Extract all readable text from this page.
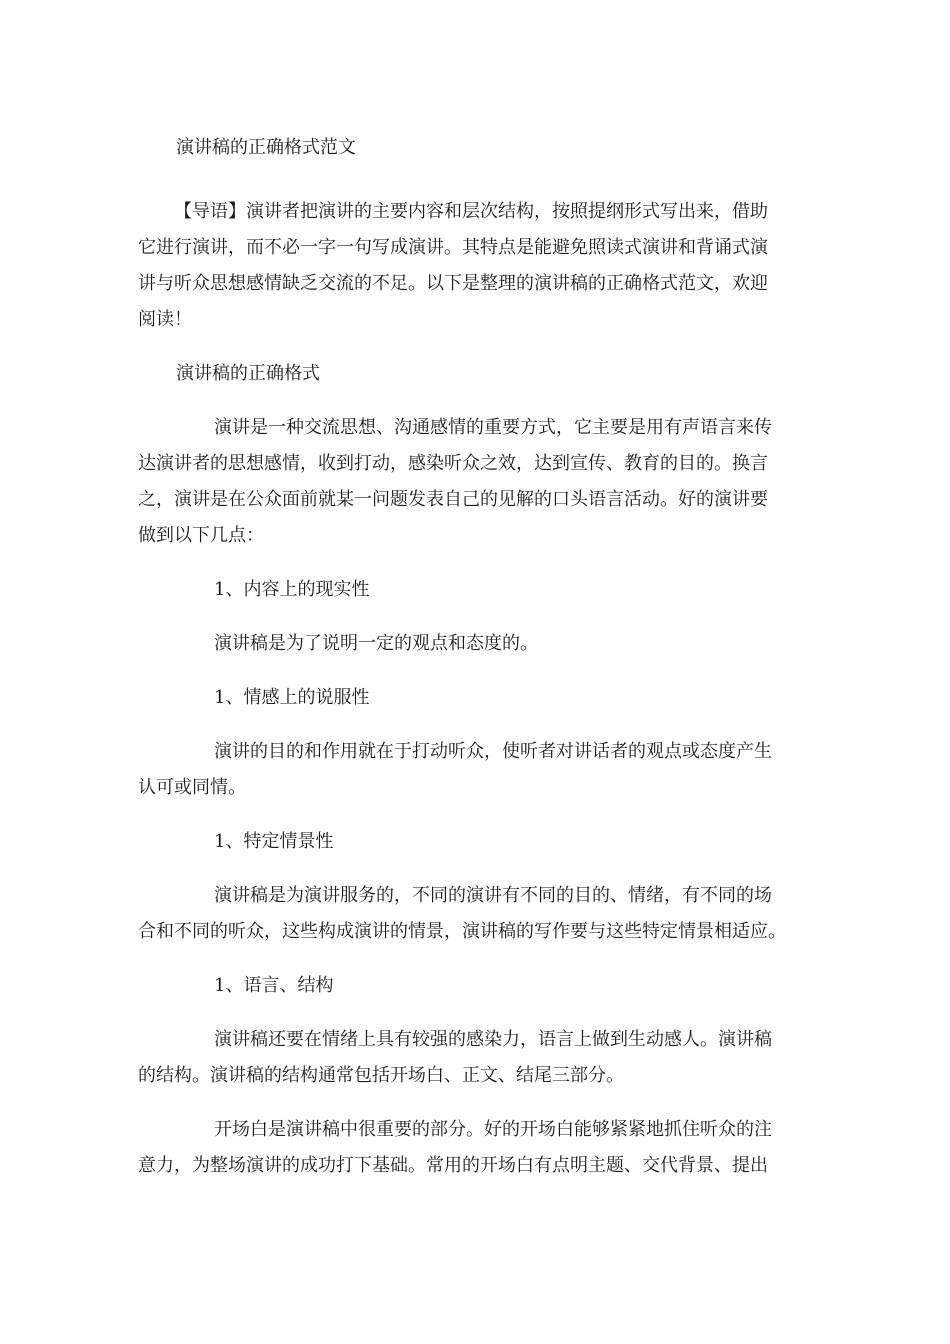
演讲稿的正确格式范文

【导语】演讲者把演讲的主要内容和层次结构，按照提纲形式写出来，借助

它进行演讲，而不必一字一句写成演讲。其特点是能避免照读式演讲和背诵式演

讲与听众思想感情缺乏交流的不足。以下是整理的演讲稿的正确格式范文，欢迎

阅读！

演讲稿的正确格式

演讲是一种交流思想、沟通感情的重要方式，它主要是用有声语言来传

达演讲者的思想感情，收到打动，感染听众之效，达到宣传、教育的目的。换言

之，演讲是在公众面前就某一问题发表自己的见解的口头语言活动。好的演讲要

做到以下几点：

1、内容上的现实性

演讲稿是为了说明一定的观点和态度的。

1、情感上的说服性

演讲的目的和作用就在于打动听众，使听者对讲话者的观点或态度产生

认可或同情。

1、特定情景性

演讲稿是为演讲服务的，不同的演讲有不同的目的、情绪，有不同的场

合和不同的听众，这些构成演讲的情景，演讲稿的写作要与这些特定情景相适应。

1、语言、结构

演讲稿还要在情绪上具有较强的感染力，语言上做到生动感人。演讲稿

的结构。演讲稿的结构通常包括开场白、正文、结尾三部分。

开场白是演讲稿中很重要的部分。好的开场白能够紧紧地抓住听众的注

意力，为整场演讲的成功打下基础。常用的开场白有点明主题、交代背景、提出
